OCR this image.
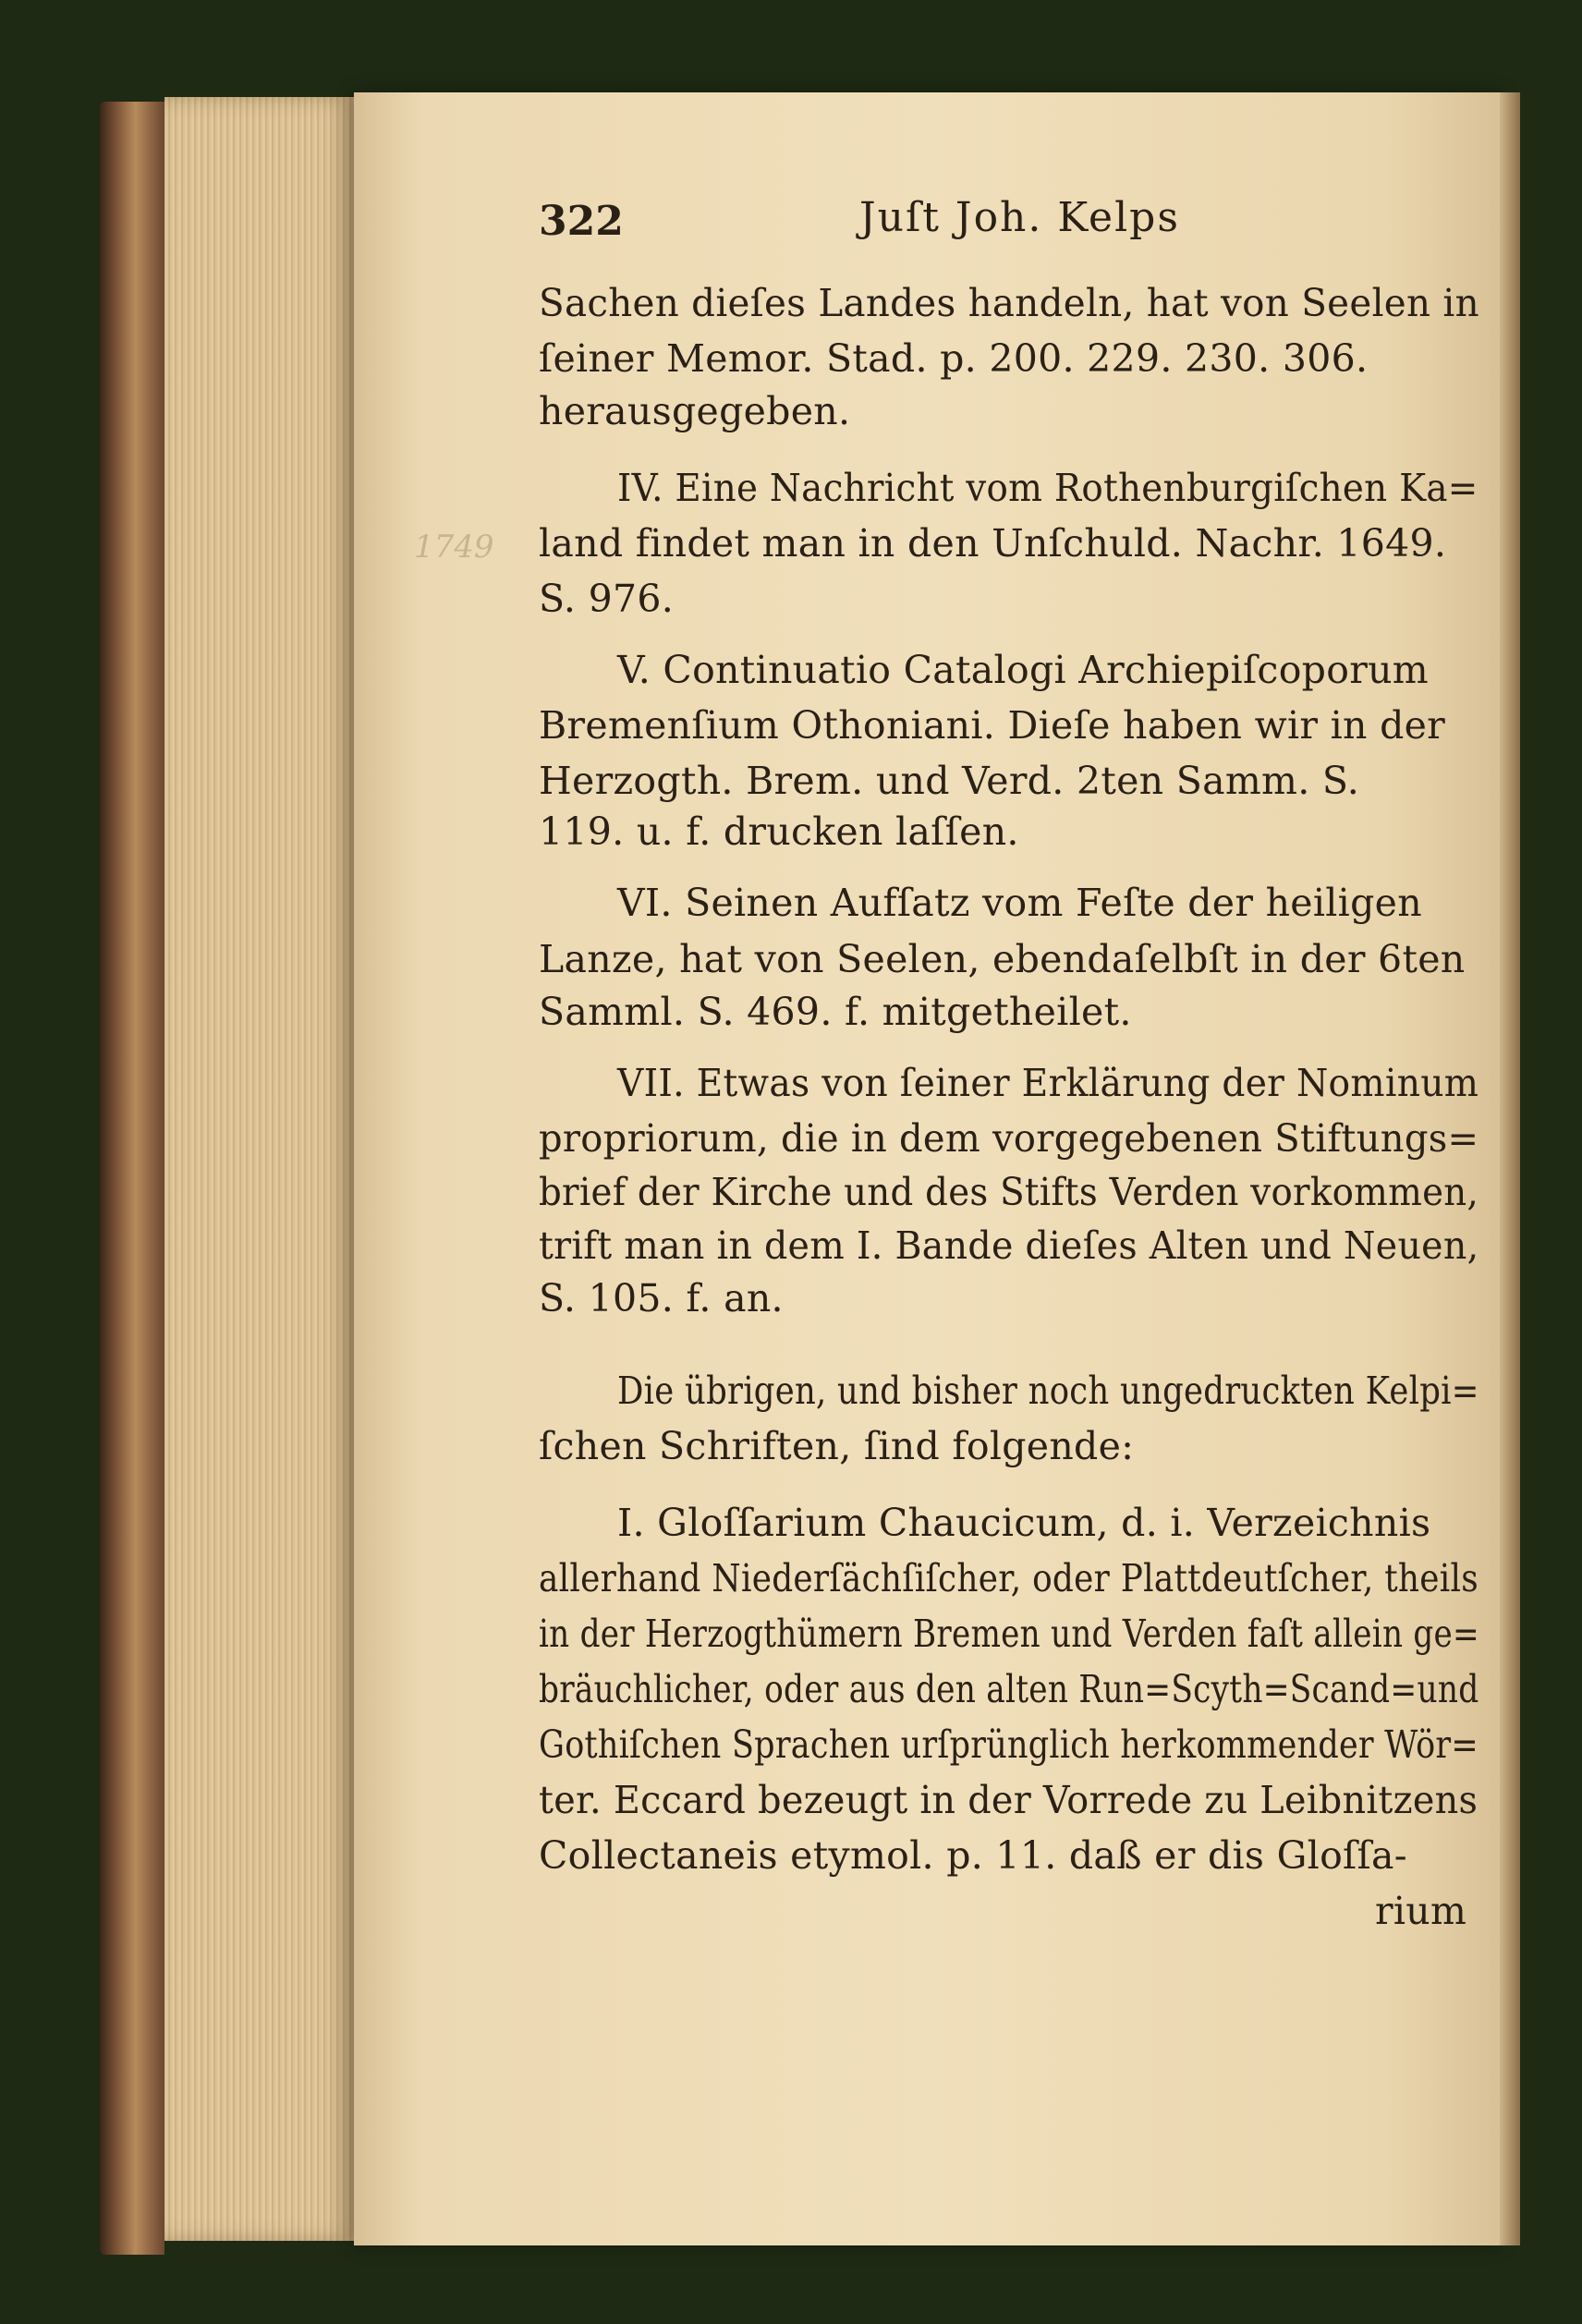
1749
322	Juſt Joh. Kelps
Sachen dieſes Landes handeln, hat von Seelen in
ſeiner Memor. Stad. p. 200. 229. 230. 306.
herausgegeben.
IV. Eine Nachricht vom Rothenburgiſchen Ka=
land findet man in den Unſchuld. Nachr. 1649.
S. 976.
V. Continuatio Catalogi Archiepiſcoporum
Bremenſium Othoniani. Dieſe haben wir in der
Herzogth. Brem. und Verd. 2ten Samm. S.
119. u. f. drucken laſſen.
VI. Seinen Aufſatz vom Feſte der heiligen
Lanze, hat von Seelen, ebendaſelbſt in der 6ten
Samml. S. 469. f. mitgetheilet.
VII. Etwas von ſeiner Erklärung der Nominum
propriorum, die in dem vorgegebenen Stiftungs=
brief der Kirche und des Stifts Verden vorkommen,
trift man in dem I. Bande dieſes Alten und Neuen,
S. 105. f. an.
Die übrigen, und bisher noch ungedruckten Kelpi=
ſchen Schriften, ſind folgende:
I. Gloſſarium Chaucicum, d. i. Verzeichnis
allerhand Niederſächſiſcher, oder Plattdeutſcher, theils
in der Herzogthümern Bremen und Verden faſt allein ge=
bräuchlicher, oder aus den alten Run=Scyth=Scand=und
Gothiſchen Sprachen urſprünglich herkommender Wör=
ter. Eccard bezeugt in der Vorrede zu Leibnitzens
Collectaneis etymol. p. 11. daß er dis Gloſſa-
rium
